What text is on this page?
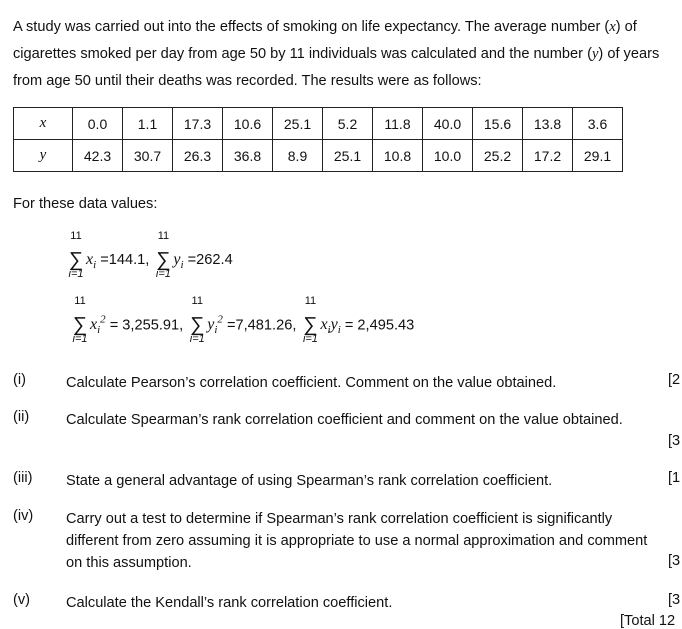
A study was carried out into the effects of smoking on life expectancy. The average number (x) of cigarettes smoked per day from age 50 by 11 individuals was calculated and the number (y) of years from age 50 until their deaths was recorded. The results were as follows:

x	0.0	1.1	17.3	10.6	25.1	5.2	11.8	40.0	15.6	13.8	3.6
y	42.3	30.7	26.3	36.8	8.9	25.1	10.8	10.0	25.2	17.2	29.1

For these data values:

11
∑
i=1
$x_i =144.1$,
11
∑
i=1
$y_i =262.4$
11
∑
i=1
$x_i^2 = 3,255.91$,
11
∑
i=1
$y_i^2 =7,481.26$,
11
∑
i=1
$x_iy_i = 2,495.43$
(i)	Calculate Pearson’s correlation coefficient. Comment on the value obtained.	[2
(ii)	Calculate Spearman’s rank correlation coefficient and comment on the value obtained.
[3
(iii) State a general advantage of using Spearman’s rank correlation coefficient.	[1
(iv) Carry out a test to determine if Spearman’s rank correlation coefficient is significantly different from zero assuming it is appropriate to use a normal approximation and comment on this assumption.	[3
(v) Calculate the Kendall’s rank correlation coefficient.	[3
[Total 12
